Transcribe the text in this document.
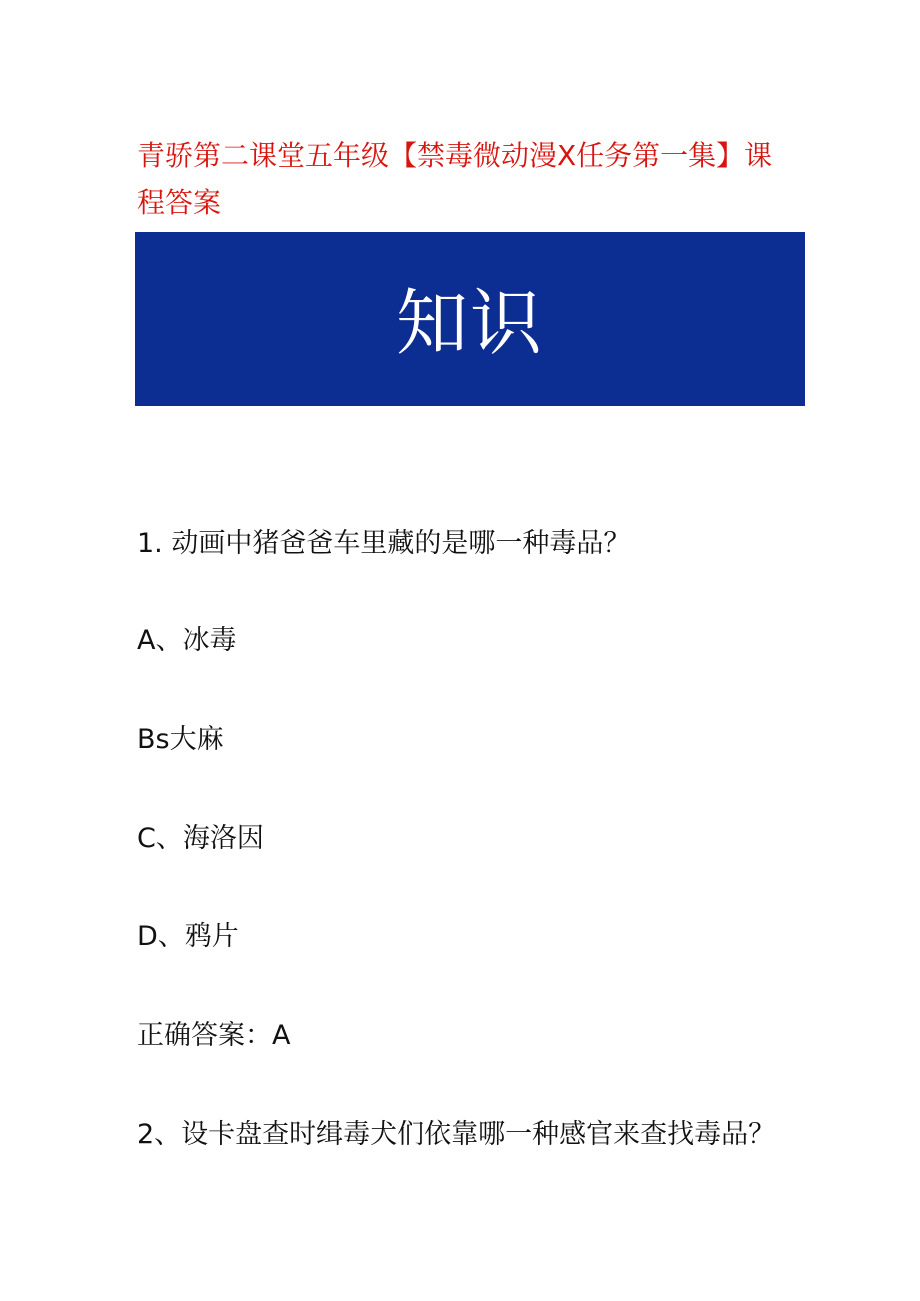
青骄第二课堂五年级【禁毒微动漫Ⅹ任务第一集】课程答案
知识

1. 动画中猪爸爸车里藏的是哪一种毒品？

A、冰毒

Bs大麻

C、海洛因

D、鸦片

正确答案：A

2、设卡盘查时缉毒犬们依靠哪一种感官来查找毒品？
